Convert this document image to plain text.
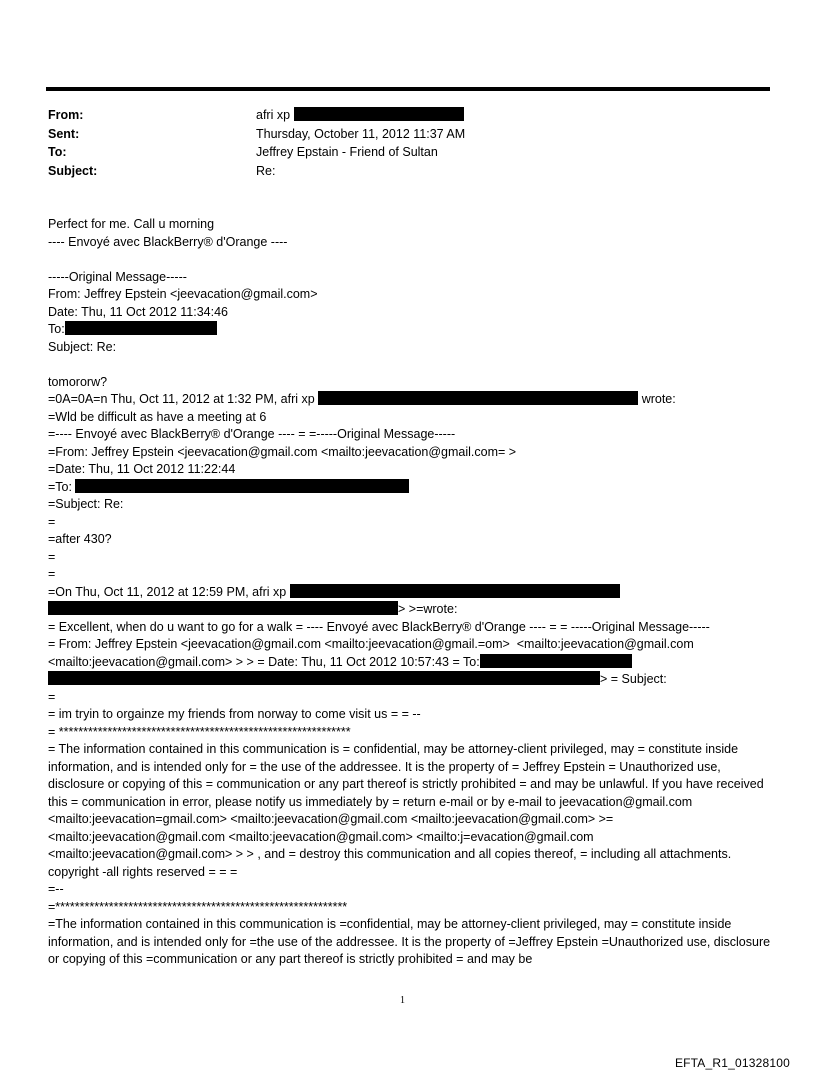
From:	afri xp
Sent:	Thursday, October 11, 2012 11:37 AM
To:	Jeffrey Epstain - Friend of Sultan
Subject:	Re:
Perfect for me. Call u morning
---- Envoyé avec BlackBerry® d'Orange ----
-----Original Message-----
From: Jeffrey Epstein <jeevacation@gmail.com>
Date: Thu, 11 Oct 2012 11:34:46
To:
Subject: Re:
tomororw?
=0A=0A=n Thu, Oct 11, 2012 at 1:32 PM, afri xp	wrote:
=Wld be difficult as have a meeting at 6
=---- Envoyé avec BlackBerry® d'Orange ---- = =-----Original Message-----
=From: Jeffrey Epstein <jeevacation@gmail.com <mailto:jeevacation@gmail.com= >
=Date: Thu, 11 Oct 2012 11:22:44
=To:
=Subject: Re:
=
=after 430?
=
=
=On Thu, Oct 11, 2012 at 12:59 PM, afri xp
> >=wrote:
= Excellent, when do u want to go for a walk = ---- Envoyé avec BlackBerry® d'Orange ---- = = -----Original Message-----
= From: Jeffrey Epstein <jeevacation@gmail.com <mailto:jeevacation@gmail.=om>  <mailto:jeevacation@gmail.com
<mailto:jeevacation@gmail.com> > > = Date: Thu, 11 Oct 2012 10:57:43 = To:
> = Subject:
=
= im tryin to orgainze my friends from norway to come visit us = = --
= ************************************************************
= The information contained in this communication is = confidential, may be attorney-client privileged, may = constitute inside information, and is intended only for = the use of the addressee. It is the property of = Jeffrey Epstein = Unauthorized use, disclosure or copying of this = communication or any part thereof is strictly prohibited = and may be unlawful. If you have received this = communication in error, please notify us immediately by = return e-mail or by e-mail to jeevacation@gmail.com <mailto:jeevacation=gmail.com> <mailto:jeevacation@gmail.com <mailto:jeevacation@gmail.com> >= <mailto:jeevacation@gmail.com <mailto:jeevacation@gmail.com> <mailto:j=evacation@gmail.com <mailto:jeevacation@gmail.com> > > , and = destroy this communication and all copies thereof, = including all attachments. copyright -all rights reserved = = =
=--
=************************************************************
=The information contained in this communication is =confidential, may be attorney-client privileged, may = constitute inside information, and is intended only for =the use of the addressee. It is the property of =Jeffrey Epstein =Unauthorized use, disclosure or copying of this =communication or any part thereof is strictly prohibited = and may be
1
EFTA_R1_01328100
